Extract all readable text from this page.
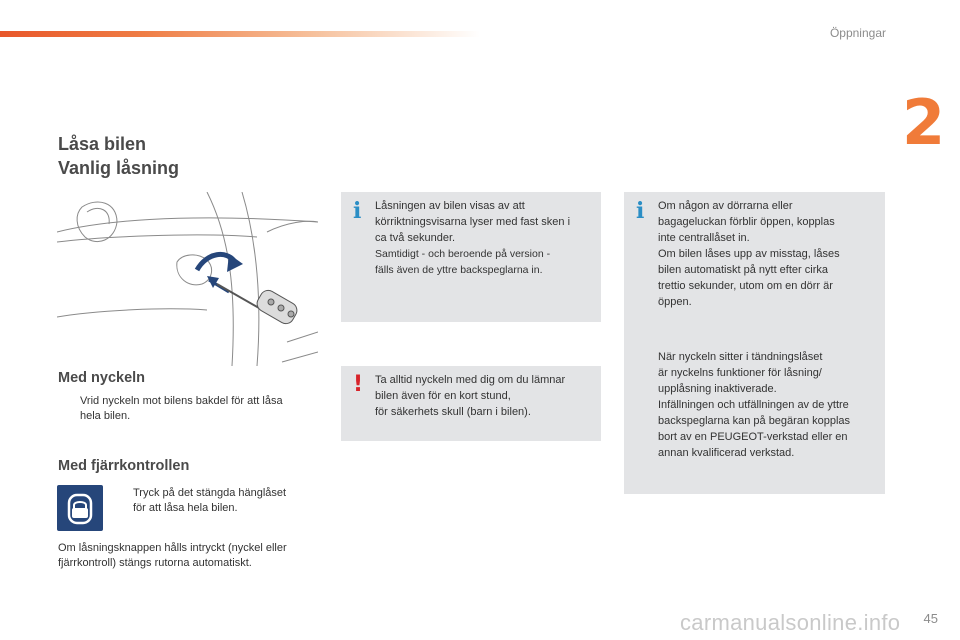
Öppningar
2
Låsa bilen
Vanlig låsning
Med nyckeln
Vrid nyckeln mot bilens bakdel för att låsa
hela bilen.
Med fjärrkontrollen
Tryck på det stängda hänglåset
för att låsa hela bilen.
Om låsningsknappen hålls intryckt (nyckel eller fjärrkontroll) stängs rutorna automatiskt.
i Låsningen av bilen visas av att
körriktningsvisarna lyser med fast sken i
ca två sekunder.

Samtidigt - och beroende på version -
fälls även de yttre backspeglarna in.

! Ta alltid nyckeln med dig om du lämnar
bilen även för en kort stund,
för säkerhets skull (barn i bilen).

i Om någon av dörrarna eller
bagageluckan förblir öppen, kopplas
inte centrallåset in.
Om bilen låses upp av misstag, låses
bilen automatiskt på nytt efter cirka
trettio sekunder, utom om en dörr är
öppen.

När nyckeln sitter i tändningslåset
är nyckelns funktioner för låsning/
upplåsning inaktiverade.
Infällningen och utfällningen av de yttre
backspeglarna kan på begäran kopplas
bort av en PEUGEOT-verkstad eller en
annan kvalificerad verkstad.
45
carmanualsonline.info
